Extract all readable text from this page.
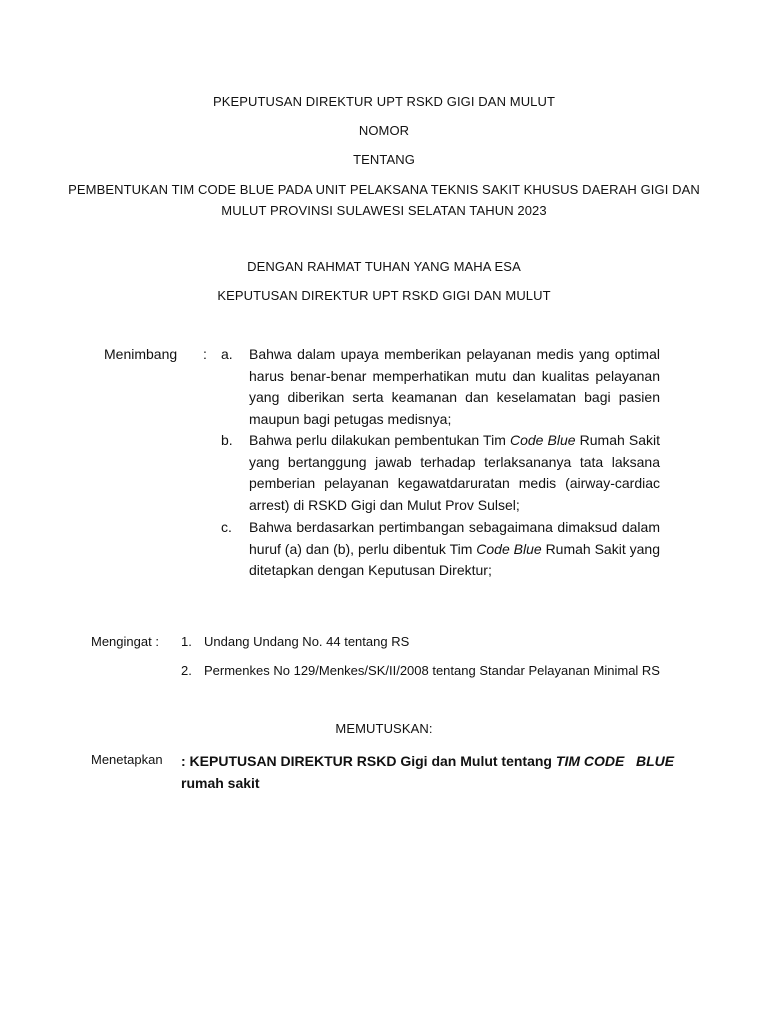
PKEPUTUSAN DIREKTUR UPT RSKD GIGI DAN MULUT
NOMOR
TENTANG
PEMBENTUKAN TIM CODE BLUE PADA UNIT PELAKSANA TEKNIS SAKIT KHUSUS DAERAH GIGI DAN
MULUT PROVINSI SULAWESI SELATAN TAHUN 2023
DENGAN RAHMAT TUHAN YANG MAHA ESA
KEPUTUSAN DIREKTUR UPT RSKD GIGI DAN MULUT
Menimbang : a. Bahwa dalam upaya memberikan pelayanan medis yang optimal harus benar-benar memperhatikan mutu dan kualitas pelayanan yang diberikan serta keamanan dan keselamatan bagi pasien maupun bagi petugas medisnya;
b. Bahwa perlu dilakukan pembentukan Tim Code Blue Rumah Sakit yang bertanggung jawab terhadap terlaksananya tata laksana pemberian pelayanan kegawatdaruratan medis (airway-cardiac arrest) di RSKD Gigi dan Mulut Prov Sulsel;
c. Bahwa berdasarkan pertimbangan sebagaimana dimaksud dalam huruf (a) dan (b), perlu dibentuk Tim Code Blue Rumah Sakit yang ditetapkan dengan Keputusan Direktur;
Mengingat : 1. Undang Undang No. 44 tentang RS
2. Permenkes No 129/Menkes/SK/II/2008 tentang Standar Pelayanan Minimal RS
MEMUTUSKAN:
Menetapkan : KEPUTUSAN DIREKTUR RSKD Gigi dan Mulut tentang TIM CODE   BLUE rumah sakit
